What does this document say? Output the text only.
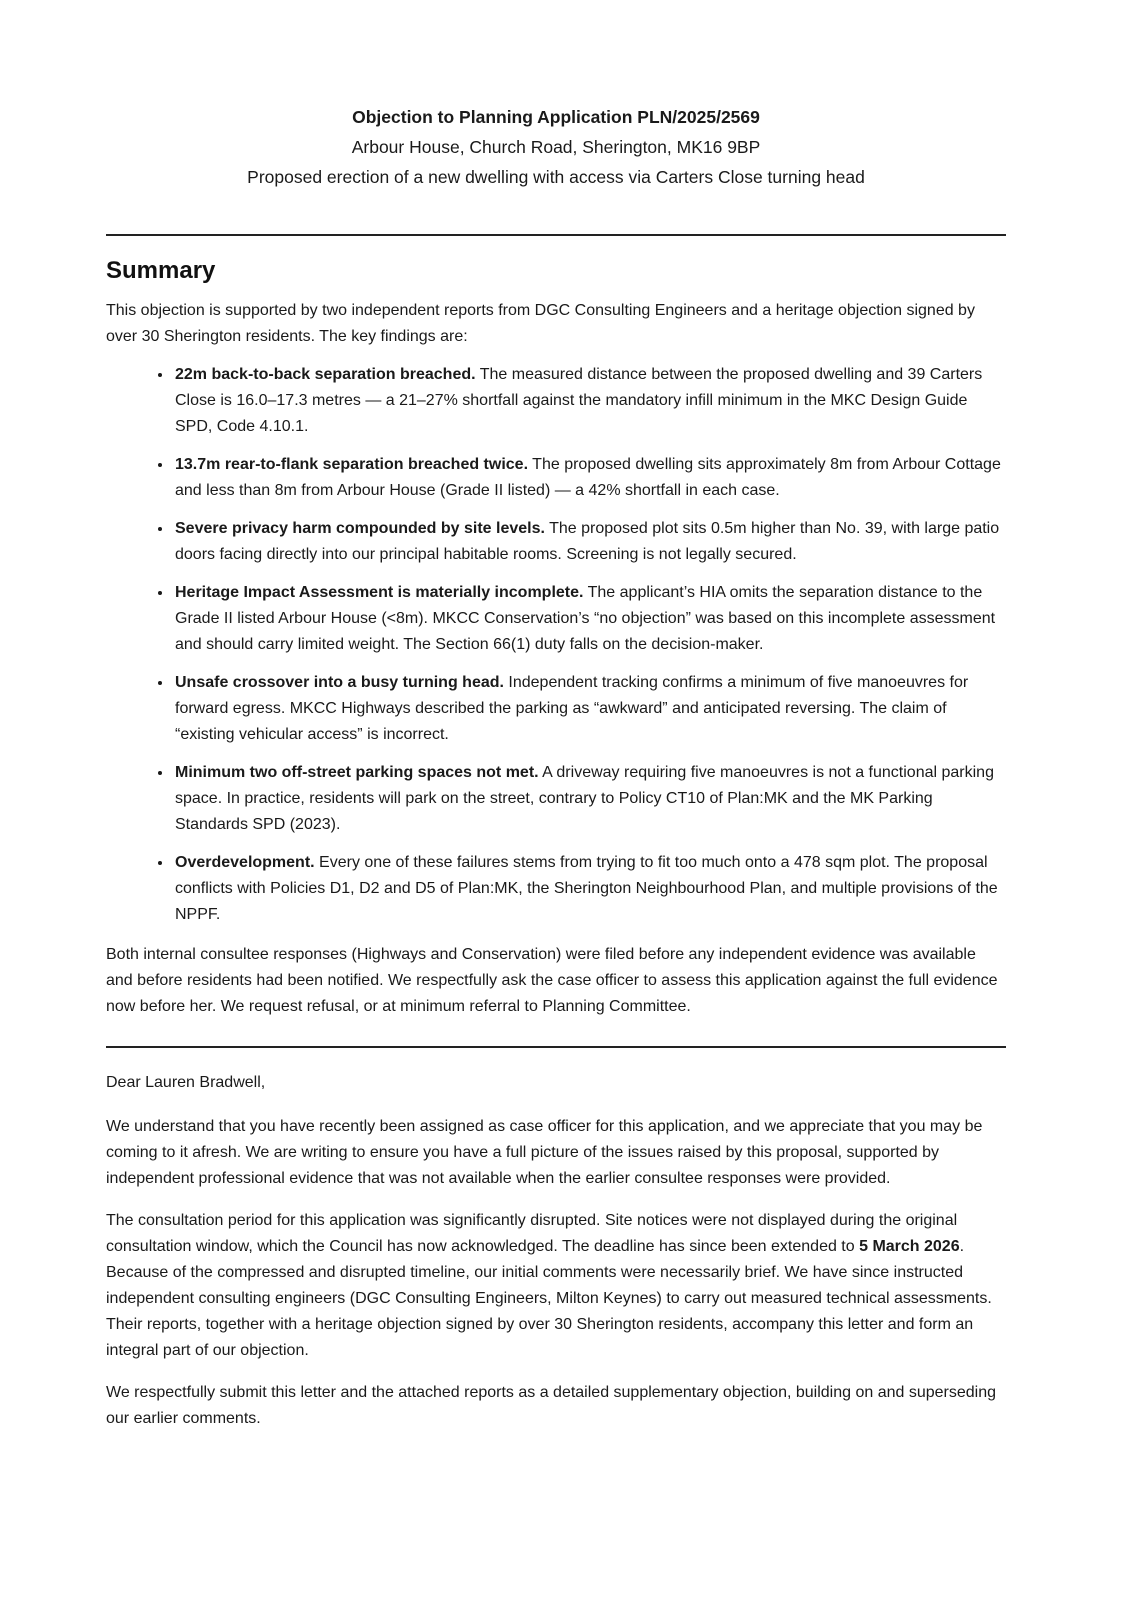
Objection to Planning Application PLN/2025/2569
Arbour House, Church Road, Sherington, MK16 9BP
Proposed erection of a new dwelling with access via Carters Close turning head
Summary

This objection is supported by two independent reports from DGC Consulting Engineers and a heritage objection signed by over 30 Sherington residents. The key findings are:

• 22m back-to-back separation breached. The measured distance between the proposed dwelling and 39 Carters Close is 16.0–17.3 metres — a 21–27% shortfall against the mandatory infill minimum in the MKC Design Guide SPD, Code 4.10.1.
• 13.7m rear-to-flank separation breached twice. The proposed dwelling sits approximately 8m from Arbour Cottage and less than 8m from Arbour House (Grade II listed) — a 42% shortfall in each case.
• Severe privacy harm compounded by site levels. The proposed plot sits 0.5m higher than No. 39, with large patio doors facing directly into our principal habitable rooms. Screening is not legally secured.
• Heritage Impact Assessment is materially incomplete. The applicant’s HIA omits the separation distance to the Grade II listed Arbour House (<8m). MKCC Conservation’s “no objection” was based on this incomplete assessment and should carry limited weight. The Section 66(1) duty falls on the decision-maker.
• Unsafe crossover into a busy turning head. Independent tracking confirms a minimum of five manoeuvres for forward egress. MKCC Highways described the parking as “awkward” and anticipated reversing. The claim of “existing vehicular access” is incorrect.
• Minimum two off-street parking spaces not met. A driveway requiring five manoeuvres is not a functional parking space. In practice, residents will park on the street, contrary to Policy CT10 of Plan:MK and the MK Parking Standards SPD (2023).
• Overdevelopment. Every one of these failures stems from trying to fit too much onto a 478 sqm plot. The proposal conflicts with Policies D1, D2 and D5 of Plan:MK, the Sherington Neighbourhood Plan, and multiple provisions of the NPPF.

Both internal consultee responses (Highways and Conservation) were filed before any independent evidence was available and before residents had been notified. We respectfully ask the case officer to assess this application against the full evidence now before her. We request refusal, or at minimum referral to Planning Committee.

Dear Lauren Bradwell,

We understand that you have recently been assigned as case officer for this application, and we appreciate that you may be coming to it afresh. We are writing to ensure you have a full picture of the issues raised by this proposal, supported by independent professional evidence that was not available when the earlier consultee responses were provided.

The consultation period for this application was significantly disrupted. Site notices were not displayed during the original consultation window, which the Council has now acknowledged. The deadline has since been extended to 5 March 2026. Because of the compressed and disrupted timeline, our initial comments were necessarily brief. We have since instructed independent consulting engineers (DGC Consulting Engineers, Milton Keynes) to carry out measured technical assessments. Their reports, together with a heritage objection signed by over 30 Sherington residents, accompany this letter and form an integral part of our objection.

We respectfully submit this letter and the attached reports as a detailed supplementary objection, building on and superseding our earlier comments.
